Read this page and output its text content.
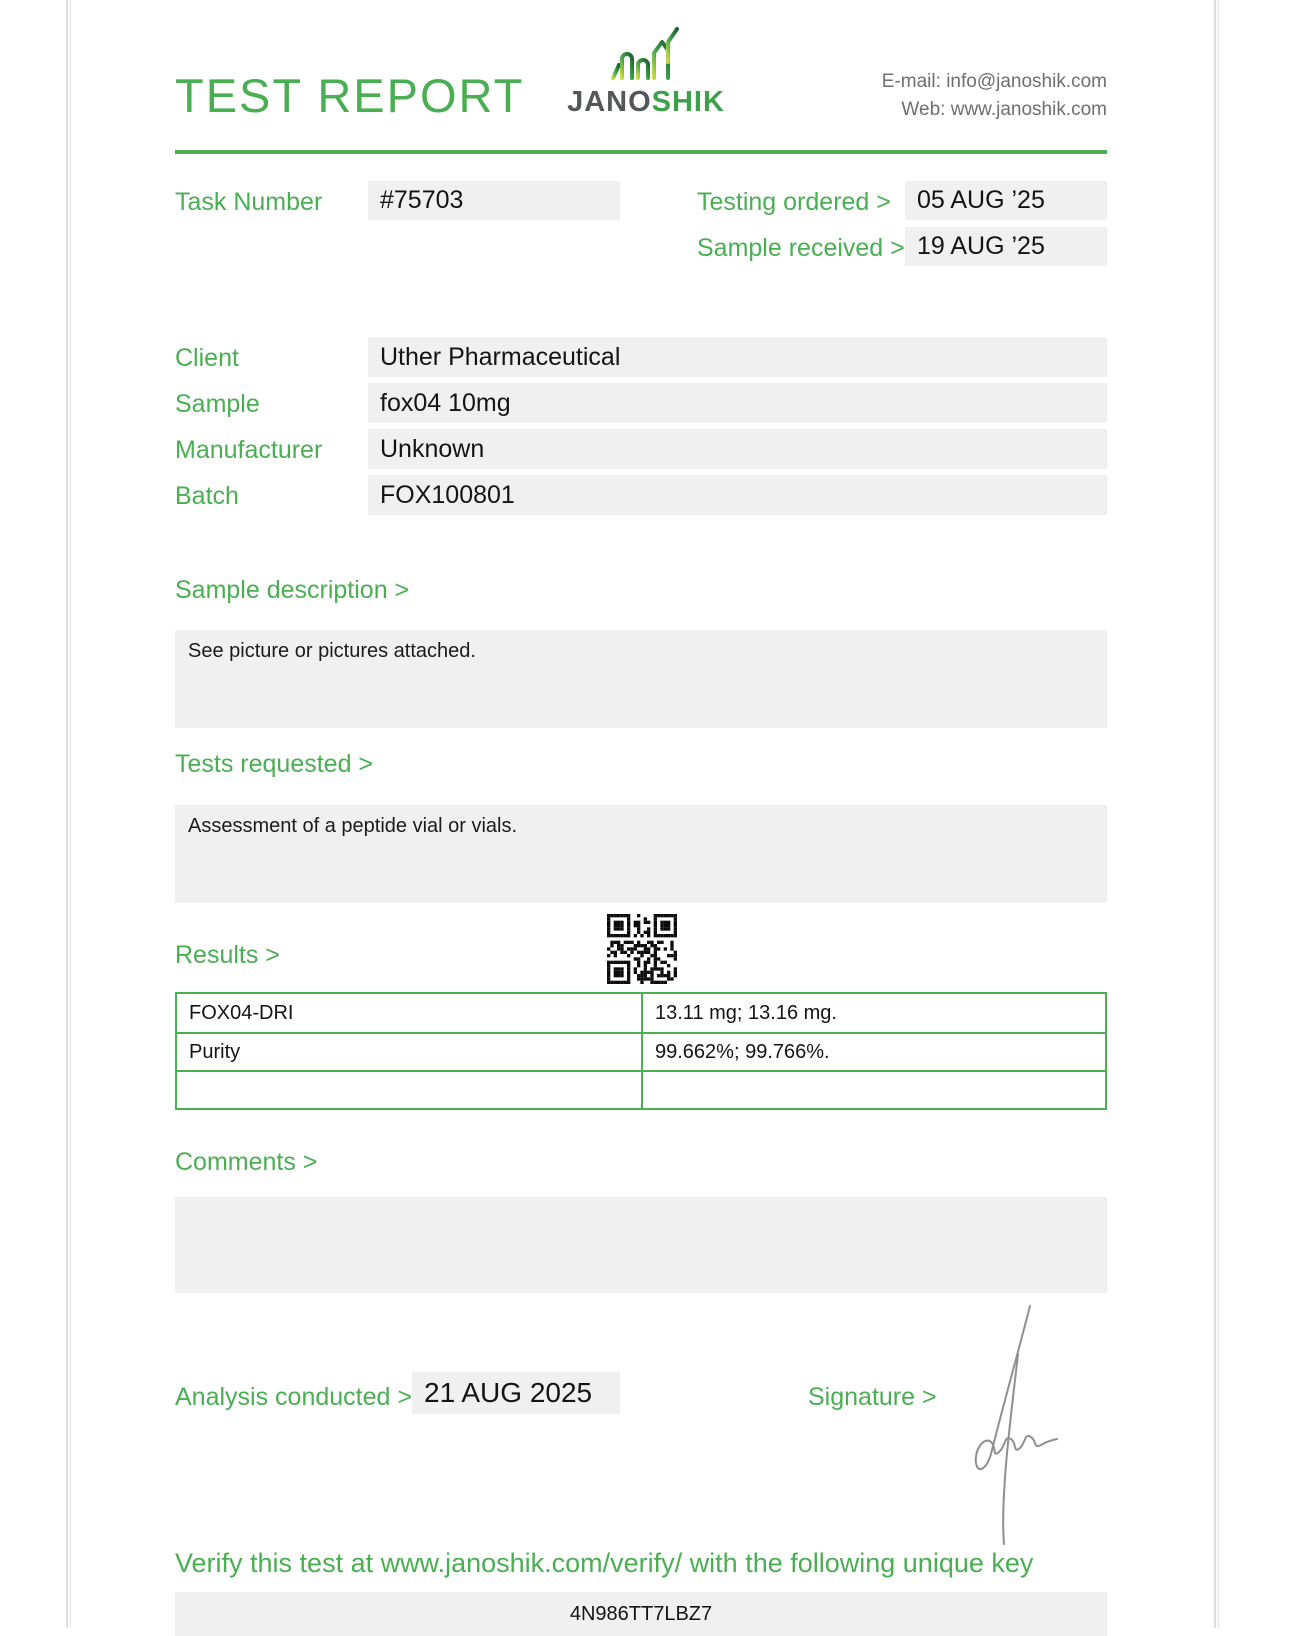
TEST REPORT JANOSHIK
E-mail: info@janoshik.com
Web: www.janoshik.com
Task Number	#75703	Testing ordered >	05 AUG ’25
Sample received > 19 AUG ’25
Client	Uther Pharmaceutical
Sample	fox04 10mg
Manufacturer	Unknown
Batch	FOX100801
Sample description >
See picture or pictures attached.
Tests requested >
Assessment of a peptide vial or vials.
Results >
FOX04-DRI	13.11 mg; 13.16 mg.
Purity	99.662%; 99.766%.
Comments >
Analysis conducted > 21 AUG 2025	Signature >
Verify this test at www.janoshik.com/verify/ with the following unique key
4N986TT7LBZ7
